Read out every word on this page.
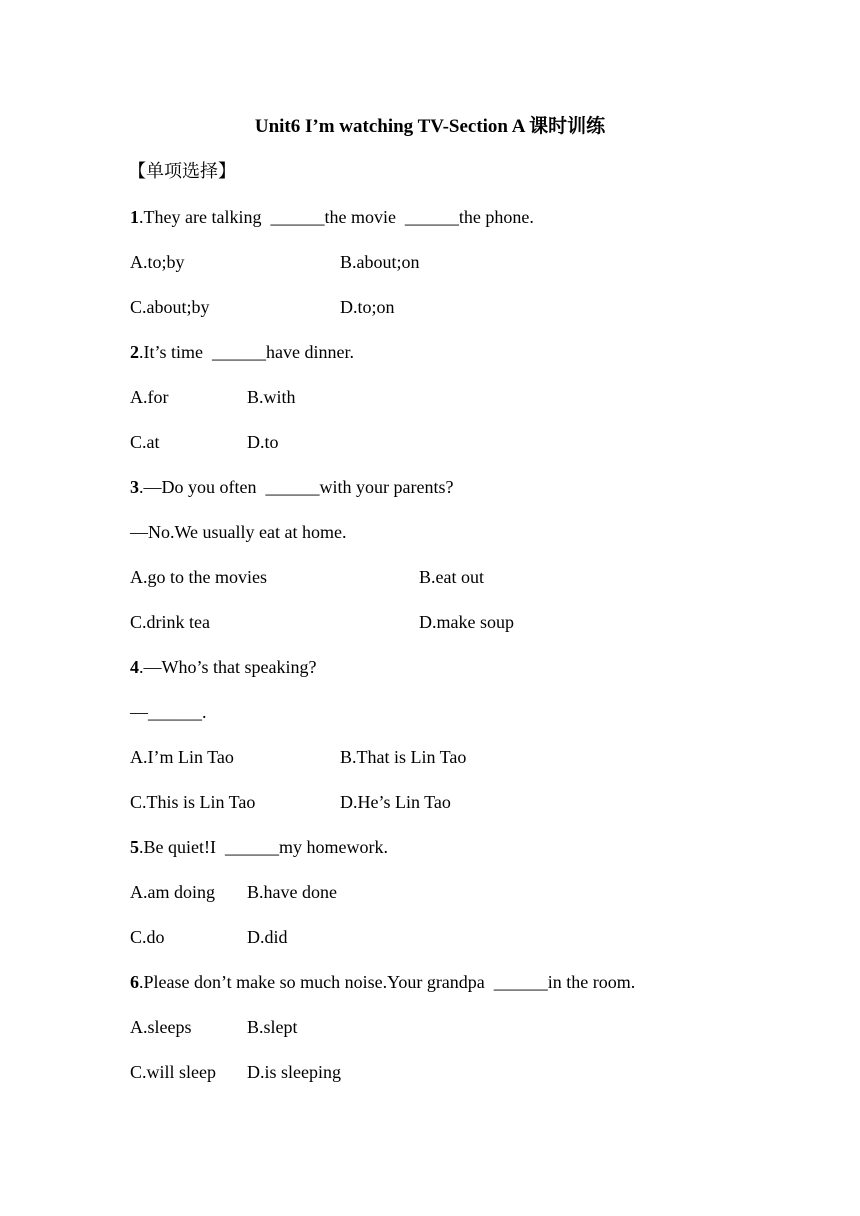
Unit6 I’m watching TV-Section A 课时训练
【单项选择】
1.They are talking  ______the movie  ______the phone.
A.to;by	B.about;on
C.about;by	D.to;on
2.It’s time  ______have dinner.
A.for	B.with
C.at	D.to
3.—Do you often  ______with your parents?
—No.We usually eat at home.
A.go to the movies	B.eat out
C.drink tea	D.make soup
4.—Who’s that speaking?
—______.
A.I’m Lin Tao	B.That is Lin Tao
C.This is Lin Tao	D.He’s Lin Tao
5.Be quiet!I  ______my homework.
A.am doing B.have done
C.do	D.did
6.Please don’t make so much noise.Your grandpa  ______in the room.
A.sleeps	B.slept
C.will sleep D.is sleeping
